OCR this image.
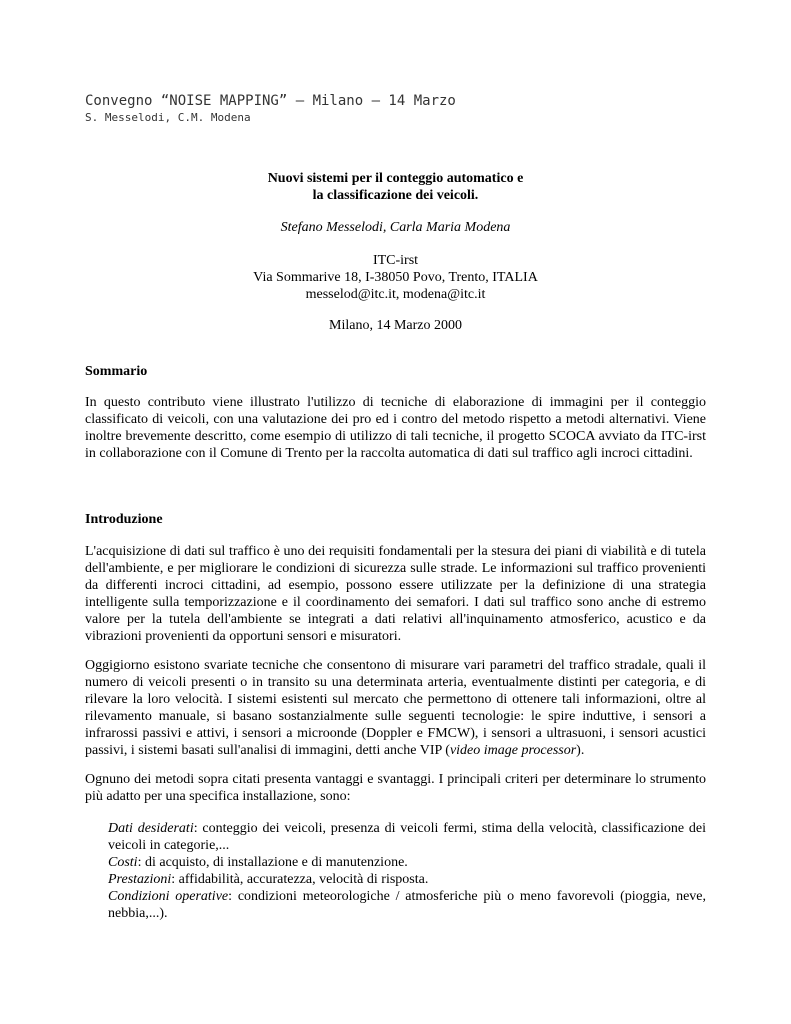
Convegno “NOISE MAPPING” – Milano – 14 Marzo
S. Messelodi, C.M. Modena
Nuovi sistemi per il conteggio automatico e
la classificazione dei veicoli.
Stefano Messelodi, Carla Maria Modena
ITC-irst
Via Sommarive 18, I-38050 Povo, Trento, ITALIA
messelod@itc.it, modena@itc.it
Milano, 14 Marzo 2000
Sommario

In questo contributo viene illustrato l'utilizzo di tecniche di elaborazione di immagini per il conteggio classificato di veicoli, con una valutazione dei pro ed i contro del metodo rispetto a metodi alternativi. Viene inoltre brevemente descritto, come esempio di utilizzo di tali tecniche, il progetto SCOCA avviato da ITC-irst in collaborazione con il Comune di Trento per la raccolta automatica di dati sul traffico agli incroci cittadini.

Introduzione

L'acquisizione di dati sul traffico è uno dei requisiti fondamentali per la stesura dei piani di viabilità e di tutela dell'ambiente, e per migliorare le condizioni di sicurezza sulle strade. Le informazioni sul traffico provenienti da differenti incroci cittadini, ad esempio, possono essere utilizzate per la definizione di una strategia intelligente sulla temporizzazione e il coordinamento dei semafori. I dati sul traffico sono anche di estremo valore per la tutela dell'ambiente se integrati a dati relativi all'inquinamento atmosferico, acustico e da vibrazioni provenienti da opportuni sensori e misuratori.

Oggigiorno esistono svariate tecniche che consentono di misurare vari parametri del traffico stradale, quali il numero di veicoli presenti o in transito su una determinata arteria, eventualmente distinti per categoria, e di rilevare la loro velocità. I sistemi esistenti sul mercato che permettono di ottenere tali informazioni, oltre al rilevamento manuale, si basano sostanzialmente sulle seguenti tecnologie: le spire induttive, i sensori a infrarossi passivi e attivi, i sensori a microonde (Doppler e FMCW), i sensori a ultrasuoni, i sensori acustici passivi, i sistemi basati sull'analisi di immagini, detti anche VIP (video image processor).

Ognuno dei metodi sopra citati presenta vantaggi e svantaggi. I principali criteri per determinare lo strumento più adatto per una specifica installazione, sono:

Dati desiderati: conteggio dei veicoli, presenza di veicoli fermi, stima della velocità, classificazione dei veicoli in categorie,...

Costi: di acquisto, di installazione e di manutenzione.

Prestazioni: affidabilità, accuratezza, velocità di risposta.

Condizioni operative: condizioni meteorologiche / atmosferiche più o meno favorevoli (pioggia, neve, nebbia,...).
